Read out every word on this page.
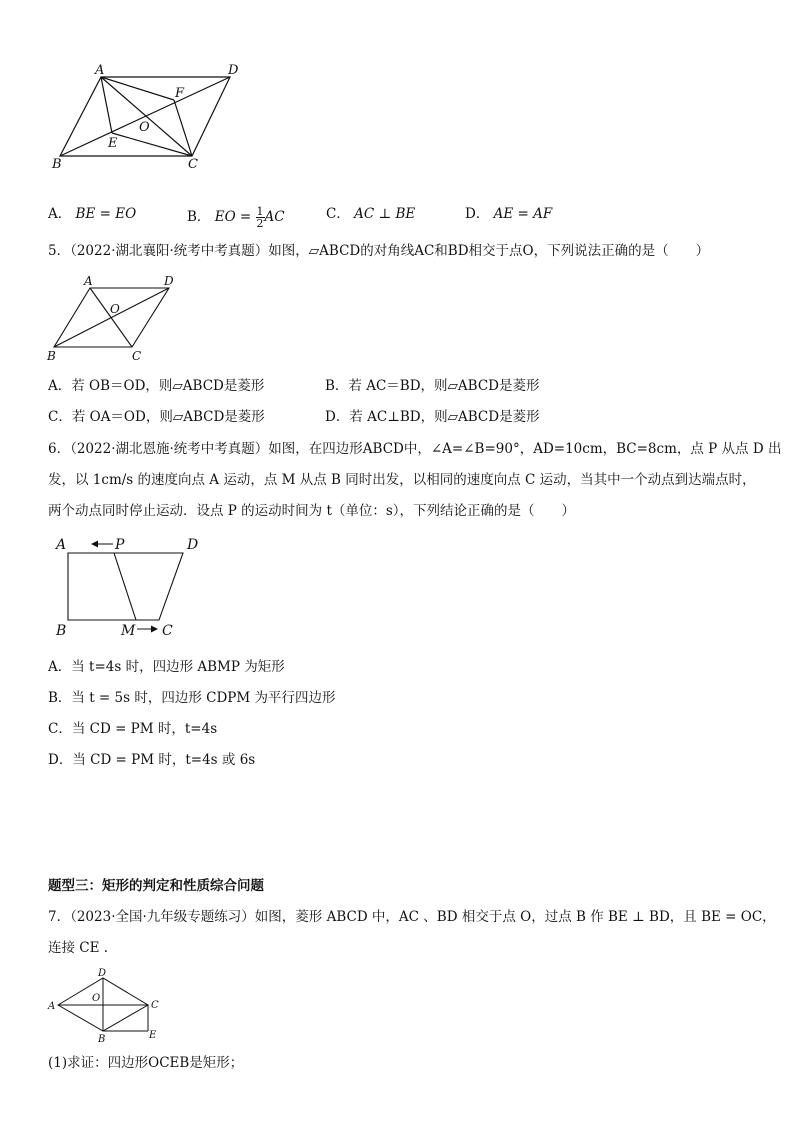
A	D
F
O
E
B	C
A． BE = EO	B． EO = $\frac{1}{2}$ AC	C． AC ⊥ BE	D． AE = AF
5．（2022·湖北襄阳·统考中考真题）如图，▱ABCD的对角线AC和BD相交于点O，下列说法正确的是（　　）
A	D
O
B	C
A．若 OB＝OD，则▱ABCD是菱形	B．若 AC＝BD，则▱ABCD是菱形
C．若 OA＝OD，则▱ABCD是菱形	D．若 AC⊥BD，则▱ABCD是菱形
6．（2022·湖北恩施·统考中考真题）如图，在四边形ABCD中，∠A=∠B=90°，AD=10cm，BC=8cm，点 P 从点 D 出
发，以 1cm/s 的速度向点 A 运动，点 M 从点 B 同时出发，以相同的速度向点 C 运动，当其中一个动点到达端点时，
两个动点同时停止运动．设点 P 的运动时间为 t（单位：s），下列结论正确的是（　　）
A	P	D
B	M C
A．当 t=4s 时，四边形 ABMP 为矩形
B．当 t = 5s 时，四边形 CDPM 为平行四边形
C．当 CD = PM 时，t=4s
D．当 CD = PM 时，t=4s 或 6s
题型三：矩形的判定和性质综合问题
7．（2023·全国·九年级专题练习）如图，菱形 ABCD 中，AC 、BD 相交于点 O，过点 B 作 BE ⊥ BD，且 BE = OC，
连接 CE .
D
A
O
C
B	E
(1)求证：四边形OCEB是矩形；
